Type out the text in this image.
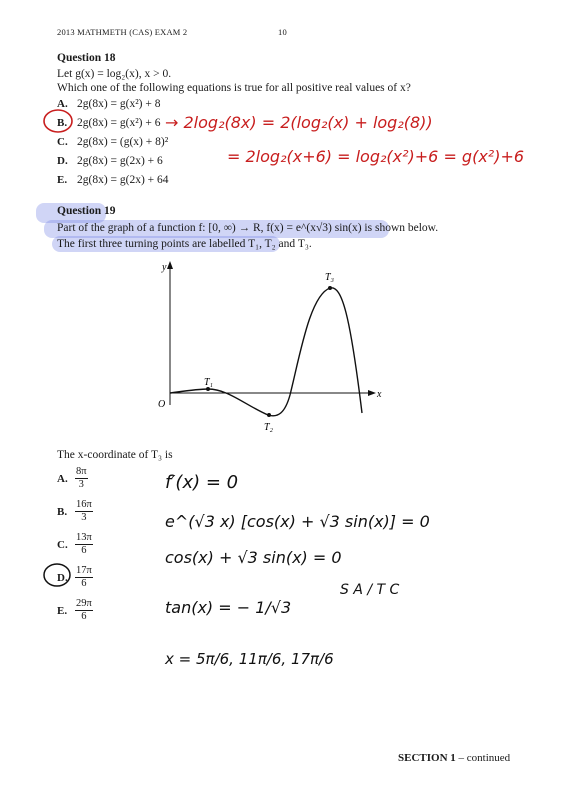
2013 MATHMETH (CAS) EXAM 2	10
Question 18
Let g(x) = log₂(x), x > 0.
Which one of the following equations is true for all positive real values of x?
A. 2g(8x) = g(x²) + 8
B. 2g(8x) = g(x²) + 6
C. 2g(8x) = (g(x) + 8)²
D. 2g(8x) = g(2x) + 6
E. 2g(8x) = g(2x) + 64
→ 2log₂(8x) = 2(log₂(x) + log₂(8))
= 2log₂(x+6) = log₂(x²)+6 = g(x²)+6
Question 19
Part of the graph of a function f: [0, ∞) → R, f(x) = e^(x√3) sin(x) is shown below.
The first three turning points are labelled T₁, T₂ and T₃.
y
x
O
T₁
T₂
T₃
The x-coordinate of T₃ is
A. $\frac{8\pi}{3}$
B. $\frac{16\pi}{3}$
C. $\frac{13\pi}{6}$
D. $\frac{17\pi}{6}$
E. $\frac{29\pi}{6}$
f′(x) = 0
e^(√3 x) [cos(x) + √3 sin(x)] = 0
cos(x) + √3 sin(x) = 0
tan(x) = − 1/√3
x = 5π/6, 11π/6, 17π/6
S A / T C
SECTION 1 – continued
